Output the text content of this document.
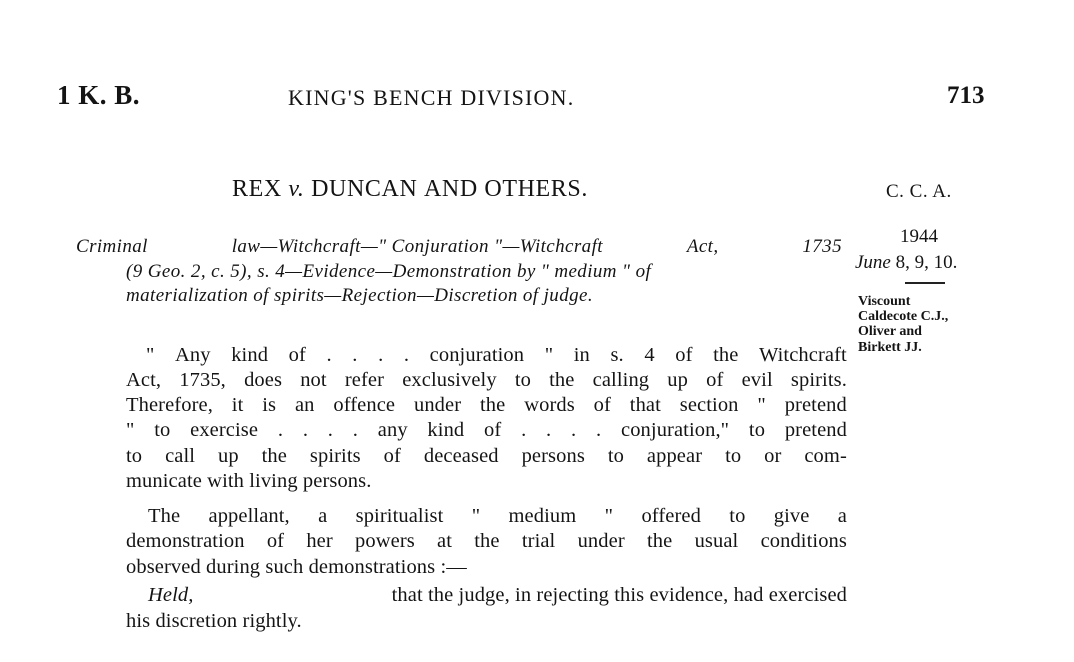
1 K. B.	KING'S BENCH DIVISION.	713
REX v. DUNCAN AND OTHERS.	C. C. A.
Criminal	law—Witchcraft—" Conjuration "—Witchcraft	Act,	1735
(9 Geo. 2, c. 5), s. 4—Evidence—Demonstration by " medium " of
materialization of spirits—Rejection—Discretion of judge.
1944
June 8, 9, 10.
Viscount
Caldecote C.J.,
Oliver and
Birkett JJ.
" Any kind of . . . . conjuration " in s. 4 of the Witchcraft
Act, 1735, does not refer exclusively to the calling up of evil spirits.
Therefore, it is an offence under the words of that section " pretend
" to exercise . . . . any kind of . . . . conjuration," to pretend
to call up the spirits of deceased persons to appear to or com-
municate with living persons.
The appellant, a spiritualist " medium " offered to give a
demonstration of her powers at the trial under the usual conditions
observed during such demonstrations :—
Held,	that the judge, in rejecting this evidence, had exercised
his discretion rightly.
